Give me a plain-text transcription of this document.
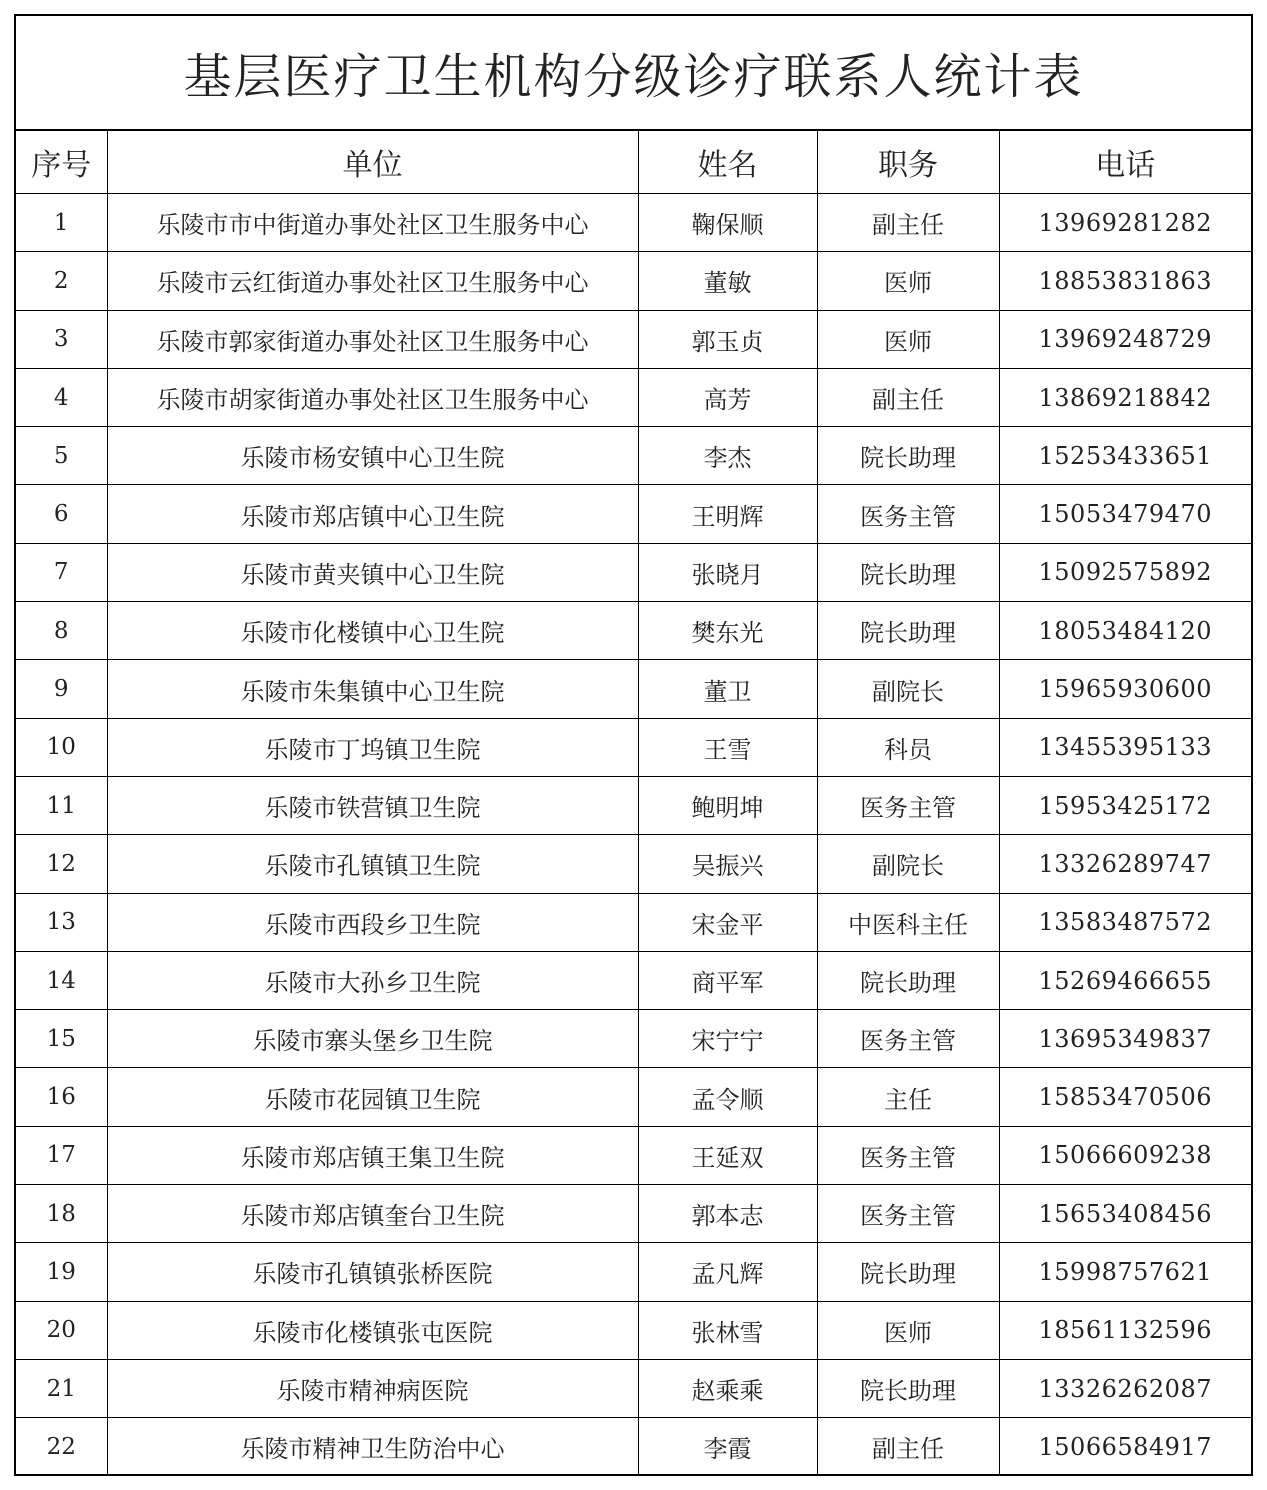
基层医疗卫生机构分级诊疗联系人统计表
序号	单位	姓名	职务	电话
1	乐陵市市中街道办事处社区卫生服务中心	鞠保顺	副主任	13969281282
2	乐陵市云红街道办事处社区卫生服务中心	董敏	医师	18853831863
3	乐陵市郭家街道办事处社区卫生服务中心	郭玉贞	医师	13969248729
4	乐陵市胡家街道办事处社区卫生服务中心	高芳	副主任	13869218842
5	乐陵市杨安镇中心卫生院	李杰	院长助理	15253433651
6	乐陵市郑店镇中心卫生院	王明辉	医务主管	15053479470
7	乐陵市黄夹镇中心卫生院	张晓月	院长助理	15092575892
8	乐陵市化楼镇中心卫生院	樊东光	院长助理	18053484120
9	乐陵市朱集镇中心卫生院	董卫	副院长	15965930600
10	乐陵市丁坞镇卫生院	王雪	科员	13455395133
11	乐陵市铁营镇卫生院	鲍明坤	医务主管	15953425172
12	乐陵市孔镇镇卫生院	吴振兴	副院长	13326289747
13	乐陵市西段乡卫生院	宋金平	中医科主任	13583487572
14	乐陵市大孙乡卫生院	商平军	院长助理	15269466655
15	乐陵市寨头堡乡卫生院	宋宁宁	医务主管	13695349837
16	乐陵市花园镇卫生院	孟令顺	主任	15853470506
17	乐陵市郑店镇王集卫生院	王延双	医务主管	15066609238
18	乐陵市郑店镇奎台卫生院	郭本志	医务主管	15653408456
19	乐陵市孔镇镇张桥医院	孟凡辉	院长助理	15998757621
20	乐陵市化楼镇张屯医院	张林雪	医师	18561132596
21	乐陵市精神病医院	赵乘乘	院长助理	13326262087
22	乐陵市精神卫生防治中心	李霞	副主任	15066584917
